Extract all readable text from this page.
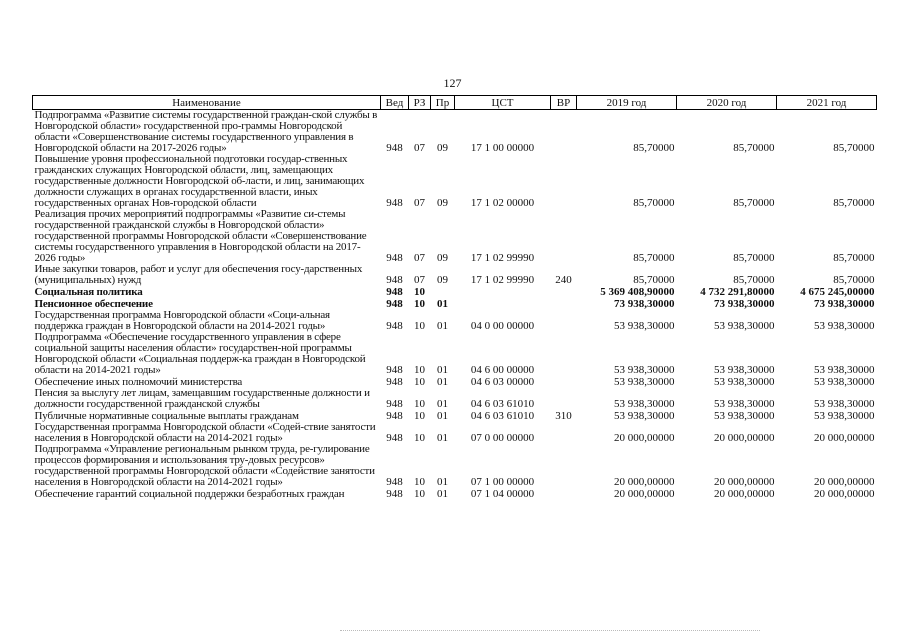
127
Наименование	Вед	РЗ	Пр	ЦСТ	ВР	2019 год	2020 год	2021 год
Подпрограмма «Развитие системы государственной граждан-ской службы в Новгородской области» государственной про-граммы Новгородской области «Совершенствование системы государственного управления в Новгородской области на 2017-2026 годы»	948	07	09	17 1 00 00000		85,70000	85,70000	85,70000
Повышение уровня профессиональной подготовки государ-ственных гражданских служащих Новгородской области, лиц, замещающих государственные должности Новгородской об-ласти, и лиц, занимающих должности служащих в органах государственной власти, иных государственных органах Нов-городской области	948	07	09	17 1 02 00000		85,70000	85,70000	85,70000
Реализация прочих мероприятий подпрограммы «Развитие си-стемы государственной гражданской службы в Новгородской области» государственной программы Новгородской области «Совершенствование системы государственного управления в Новгородской области на 2017-2026 годы»	948	07	09	17 1 02 99990		85,70000	85,70000	85,70000
Иные закупки товаров, работ и услуг для обеспечения госу-дарственных (муниципальных) нужд	948	07	09	17 1 02 99990	240	85,70000	85,70000	85,70000
Социальная политика	948	10				5 369 408,90000	4 732 291,80000	4 675 245,00000
Пенсионное обеспечение	948	10	01			73 938,30000	73 938,30000	73 938,30000
Государственная программа Новгородской области «Соци-альная поддержка граждан в Новгородской области на 2014-2021 годы»	948	10	01	04 0 00 00000		53 938,30000	53 938,30000	53 938,30000
Подпрограмма «Обеспечение государственного управления в сфере социальной защиты населения области» государствен-ной программы Новгородской области «Социальная поддерж-ка граждан в Новгородской области на 2014-2021 годы»	948	10	01	04 6 00 00000		53 938,30000	53 938,30000	53 938,30000
Обеспечение иных полномочий министерства	948	10	01	04 6 03 00000		53 938,30000	53 938,30000	53 938,30000
Пенсия за выслугу лет лицам, замещавшим государственные должности и должности государственной гражданской службы	948	10	01	04 6 03 61010		53 938,30000	53 938,30000	53 938,30000
Публичные нормативные социальные выплаты гражданам	948	10	01	04 6 03 61010	310	53 938,30000	53 938,30000	53 938,30000
Государственная программа Новгородской области «Содей-ствие занятости населения в Новгородской области на 2014-2021 годы»	948	10	01	07 0 00 00000		20 000,00000	20 000,00000	20 000,00000
Подпрограмма «Управление региональным рынком труда, ре-гулирование процессов формирования и использования тру-довых ресурсов» государственной программы Новгородской области «Содействие занятости населения в Новгородской области на 2014-2021 годы»	948	10	01	07 1 00 00000		20 000,00000	20 000,00000	20 000,00000
Обеспечение гарантий социальной поддержки безработных граждан	948	10	01	07 1 04 00000		20 000,00000	20 000,00000	20 000,00000
